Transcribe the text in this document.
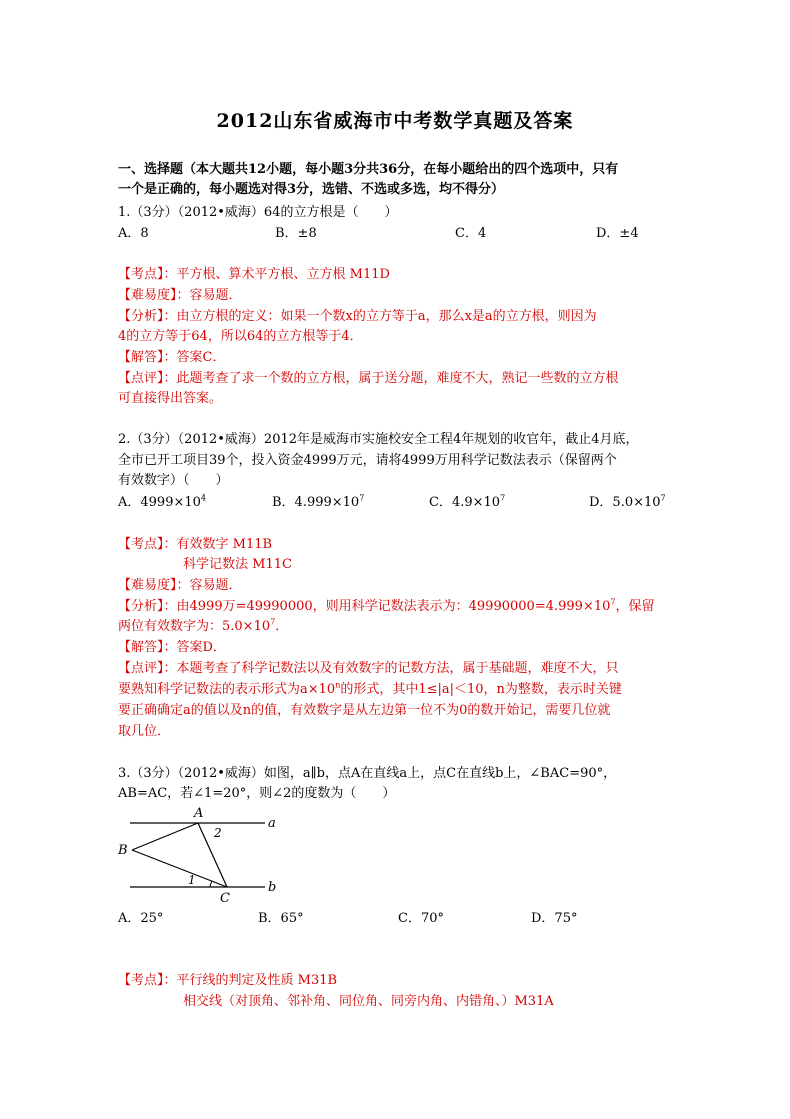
2012山东省威海市中考数学真题及答案
一、选择题（本大题共12小题，每小题3分共36分，在每小题给出的四个选项中，只有
一个是正确的，每小题选对得3分，选错、不选或多选，均不得分）
1.（3分）（2012•威海）64的立方根是（　　）
A．8	B．±8	C．4	D．±4
【考点】：平方根、算术平方根、立方根 M11D
【难易度】：容易题．
【分析】：由立方根的定义：如果一个数x的立方等于a，那么x是a的立方根，则因为
4的立方等于64，所以64的立方根等于4．
【解答】：答案C．
【点评】：此题考查了求一个数的立方根，属于送分题，难度不大，熟记一些数的立方根
可直接得出答案。
2.（3分）（2012•威海）2012年是威海市实施校安全工程4年规划的收官年，截止4月底，
全市已开工项目39个，投入资金4999万元，请将4999万用科学记数法表示（保留两个
有效数字）（　　）
A．$4999\times 10^4$	B．$4.999\times 10^7$	C．$4.9\times 10^7$	D．$5.0\times 10^7$
【考点】：有效数字 M11B
科学记数法 M11C
【难易度】：容易题．
【分析】：由4999万=49990000，则用科学记数法表示为：$49990000=4.999\times 10^7$，保留
两位有效数字为：$5.0\times 10^7$．
【解答】：答案D．
【点评】：本题考查了科学记数法以及有效数字的记数方法，属于基础题，难度不大，只
要熟知科学记数法的表示形式为$a\times 10^n$的形式，其中1≤|a|＜10，n为整数，表示时关键
要正确确定a的值以及n的值，有效数字是从左边第一位不为0的数开始记，需要几位就
取几位．
3.（3分）（2012•威海）如图，a∥b，点A在直线a上，点C在直线b上，∠BAC=90°，
AB=AC，若∠1=20°，则∠2的度数为（　　）
A
B
C
a
b
1
2
A．25°	B．65°	C．70°	D．75°
【考点】：平行线的判定及性质 M31B
相交线（对顶角、邻补角、同位角、同旁内角、内错角、）M31A
